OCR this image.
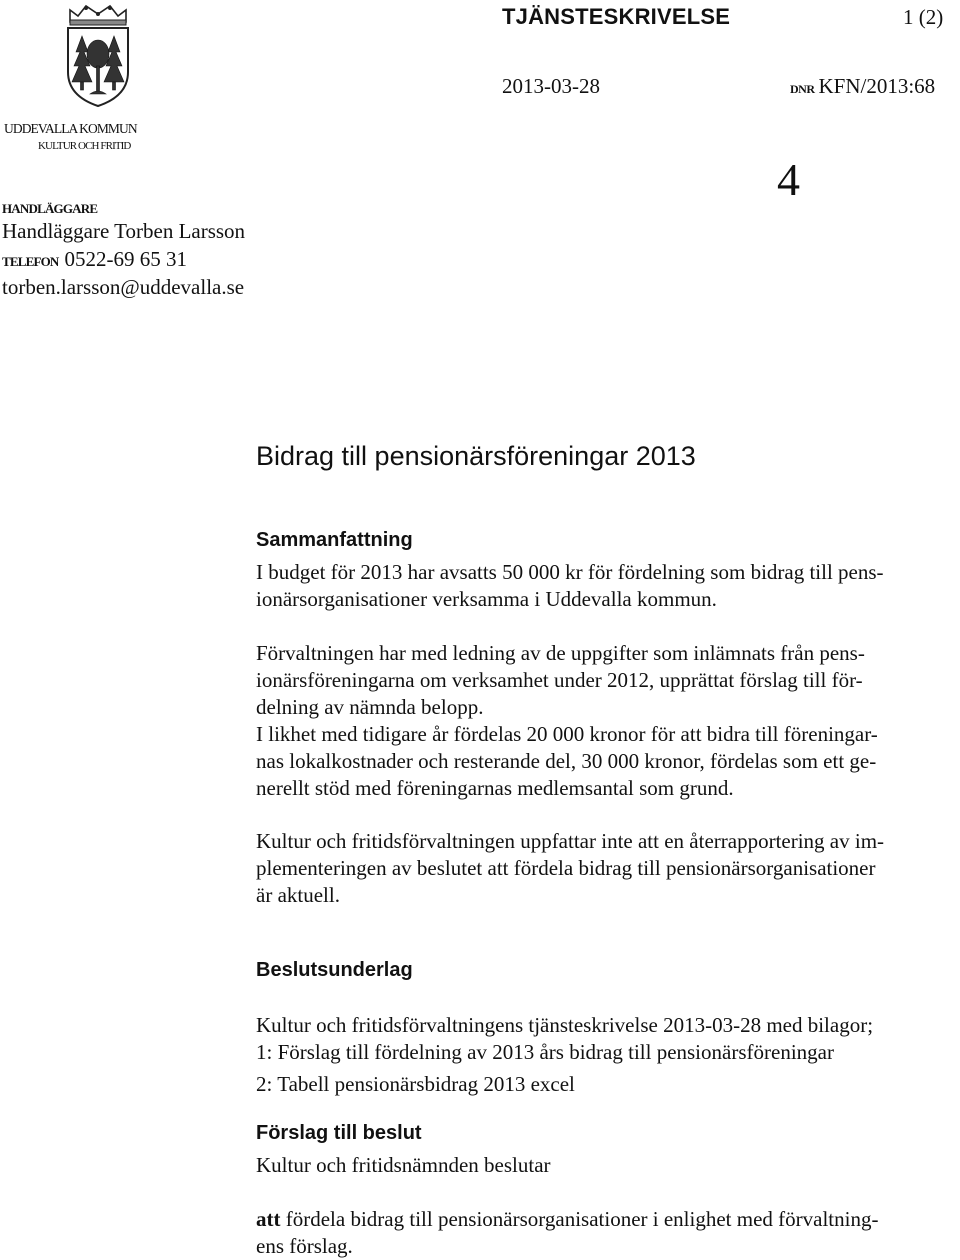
TJÄNSTESKRIVELSE	1 (2)
2013-03-28	DNR KFN/2013:68
4
UDDEVALLA KOMMUN
KULTUR OCH FRITID
HANDLÄGGARE
Handläggare Torben Larsson
TELEFON 0522-69 65 31
torben.larsson@uddevalla.se
Bidrag till pensionärsföreningar 2013
Sammanfattning
I budget för 2013 har avsatts 50 000 kr för fördelning som bidrag till pens-
ionärsorganisationer verksamma i Uddevalla kommun.
Förvaltningen har med ledning av de uppgifter som inlämnats från pens-
ionärsföreningarna om verksamhet under 2012, upprättat förslag till för-
delning av nämnda belopp.
I likhet med tidigare år fördelas 20 000 kronor för att bidra till föreningar-
nas lokalkostnader och resterande del, 30 000 kronor, fördelas som ett ge-
nerellt stöd med föreningarnas medlemsantal som grund.
Kultur och fritidsförvaltningen uppfattar inte att en återrapportering av im-
plementeringen av beslutet att fördela bidrag till pensionärsorganisationer
är aktuell.
Beslutsunderlag
Kultur och fritidsförvaltningens tjänsteskrivelse 2013-03-28 med bilagor;
1: Förslag till fördelning av 2013 års bidrag till pensionärsföreningar
2: Tabell pensionärsbidrag 2013 excel
Förslag till beslut
Kultur och fritidsnämnden beslutar
att fördela bidrag till pensionärsorganisationer i enlighet med förvaltning-
ens förslag.
